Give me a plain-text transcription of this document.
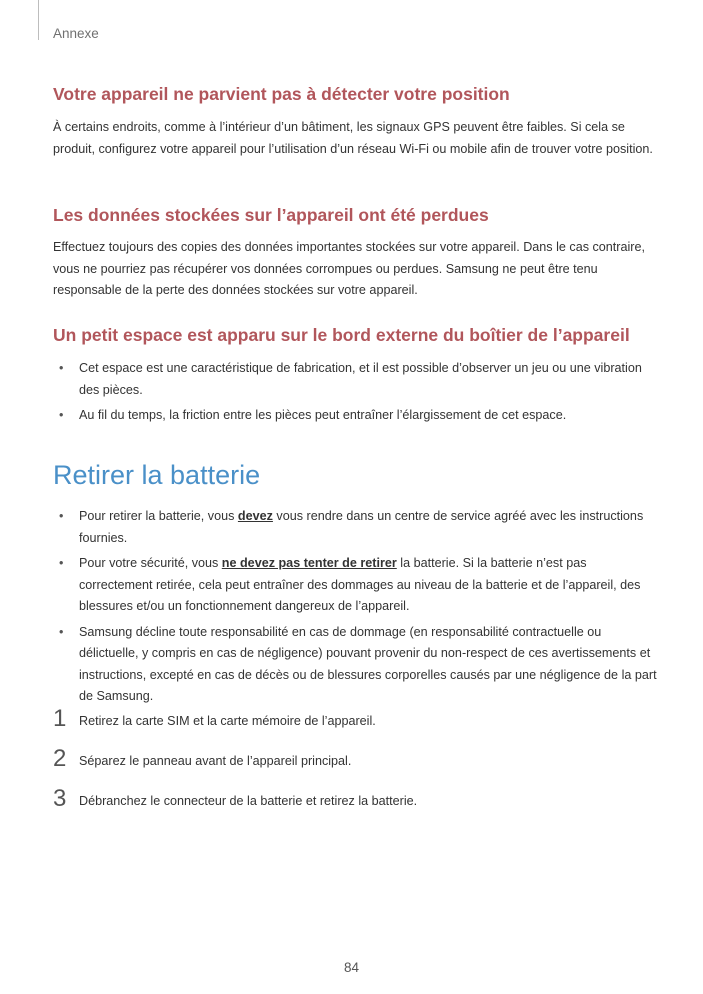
Annexe
Votre appareil ne parvient pas à détecter votre position

À certains endroits, comme à l’intérieur d’un bâtiment, les signaux GPS peuvent être faibles. Si cela se produit, configurez votre appareil pour l’utilisation d’un réseau Wi-Fi ou mobile afin de trouver votre position.

Les données stockées sur l’appareil ont été perdues

Effectuez toujours des copies des données importantes stockées sur votre appareil. Dans le cas contraire, vous ne pourriez pas récupérer vos données corrompues ou perdues. Samsung ne peut être tenu responsable de la perte des données stockées sur votre appareil.

Un petit espace est apparu sur le bord externe du boîtier de l’appareil
• Cet espace est une caractéristique de fabrication, et il est possible d’observer un jeu ou une vibration des pièces.
• Au fil du temps, la friction entre les pièces peut entraîner l’élargissement de cet espace.
Retirer la batterie
• Pour retirer la batterie, vous devez vous rendre dans un centre de service agréé avec les instructions fournies.
• Pour votre sécurité, vous ne devez pas tenter de retirer la batterie. Si la batterie n’est pas correctement retirée, cela peut entraîner des dommages au niveau de la batterie et de l’appareil, des blessures et/ou un fonctionnement dangereux de l’appareil.
• Samsung décline toute responsabilité en cas de dommage (en responsabilité contractuelle ou délictuelle, y compris en cas de négligence) pouvant provenir du non-respect de ces avertissements et instructions, excepté en cas de décès ou de blessures corporelles causés par une négligence de la part de Samsung.
1 Retirez la carte SIM et la carte mémoire de l’appareil.
2 Séparez le panneau avant de l’appareil principal.
3 Débranchez le connecteur de la batterie et retirez la batterie.
84
